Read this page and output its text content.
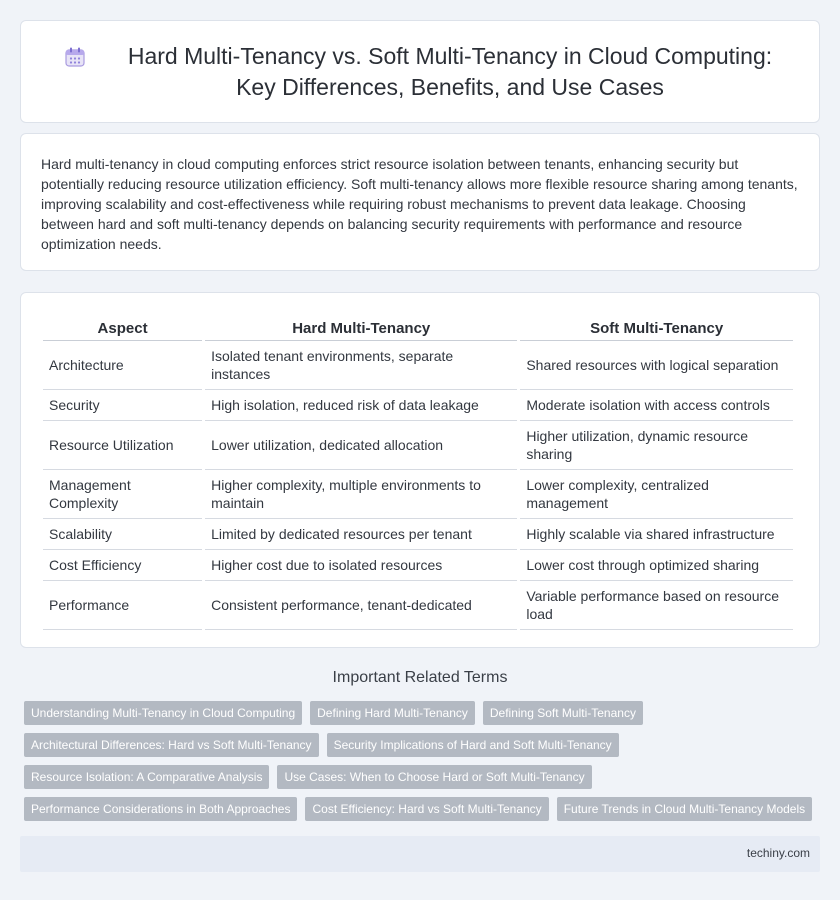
Hard Multi-Tenancy vs. Soft Multi-Tenancy in Cloud Computing: Key Differences, Benefits, and Use Cases

Hard multi-tenancy in cloud computing enforces strict resource isolation between tenants, enhancing security but potentially reducing resource utilization efficiency. Soft multi-tenancy allows more flexible resource sharing among tenants, improving scalability and cost-effectiveness while requiring robust mechanisms to prevent data leakage. Choosing between hard and soft multi-tenancy depends on balancing security requirements with performance and resource optimization needs.

Aspect	Hard Multi-Tenancy	Soft Multi-Tenancy
Architecture	Isolated tenant environments, separate instances	Shared resources with logical separation
Security	High isolation, reduced risk of data leakage	Moderate isolation with access controls
Resource Utilization	Lower utilization, dedicated allocation	Higher utilization, dynamic resource sharing
Management Complexity	Higher complexity, multiple environments to maintain	Lower complexity, centralized management
Scalability	Limited by dedicated resources per tenant	Highly scalable via shared infrastructure
Cost Efficiency	Higher cost due to isolated resources	Lower cost through optimized sharing
Performance	Consistent performance, tenant-dedicated	Variable performance based on resource load
Important Related Terms
Understanding Multi-Tenancy in Cloud Computing	Defining Hard Multi-Tenancy	Defining Soft Multi-Tenancy
Architectural Differences: Hard vs Soft Multi-Tenancy	Security Implications of Hard and Soft Multi-Tenancy
Resource Isolation: A Comparative Analysis	Use Cases: When to Choose Hard or Soft Multi-Tenancy
Performance Considerations in Both Approaches	Cost Efficiency: Hard vs Soft Multi-Tenancy	Future Trends in Cloud Multi-Tenancy Models
techiny.com
